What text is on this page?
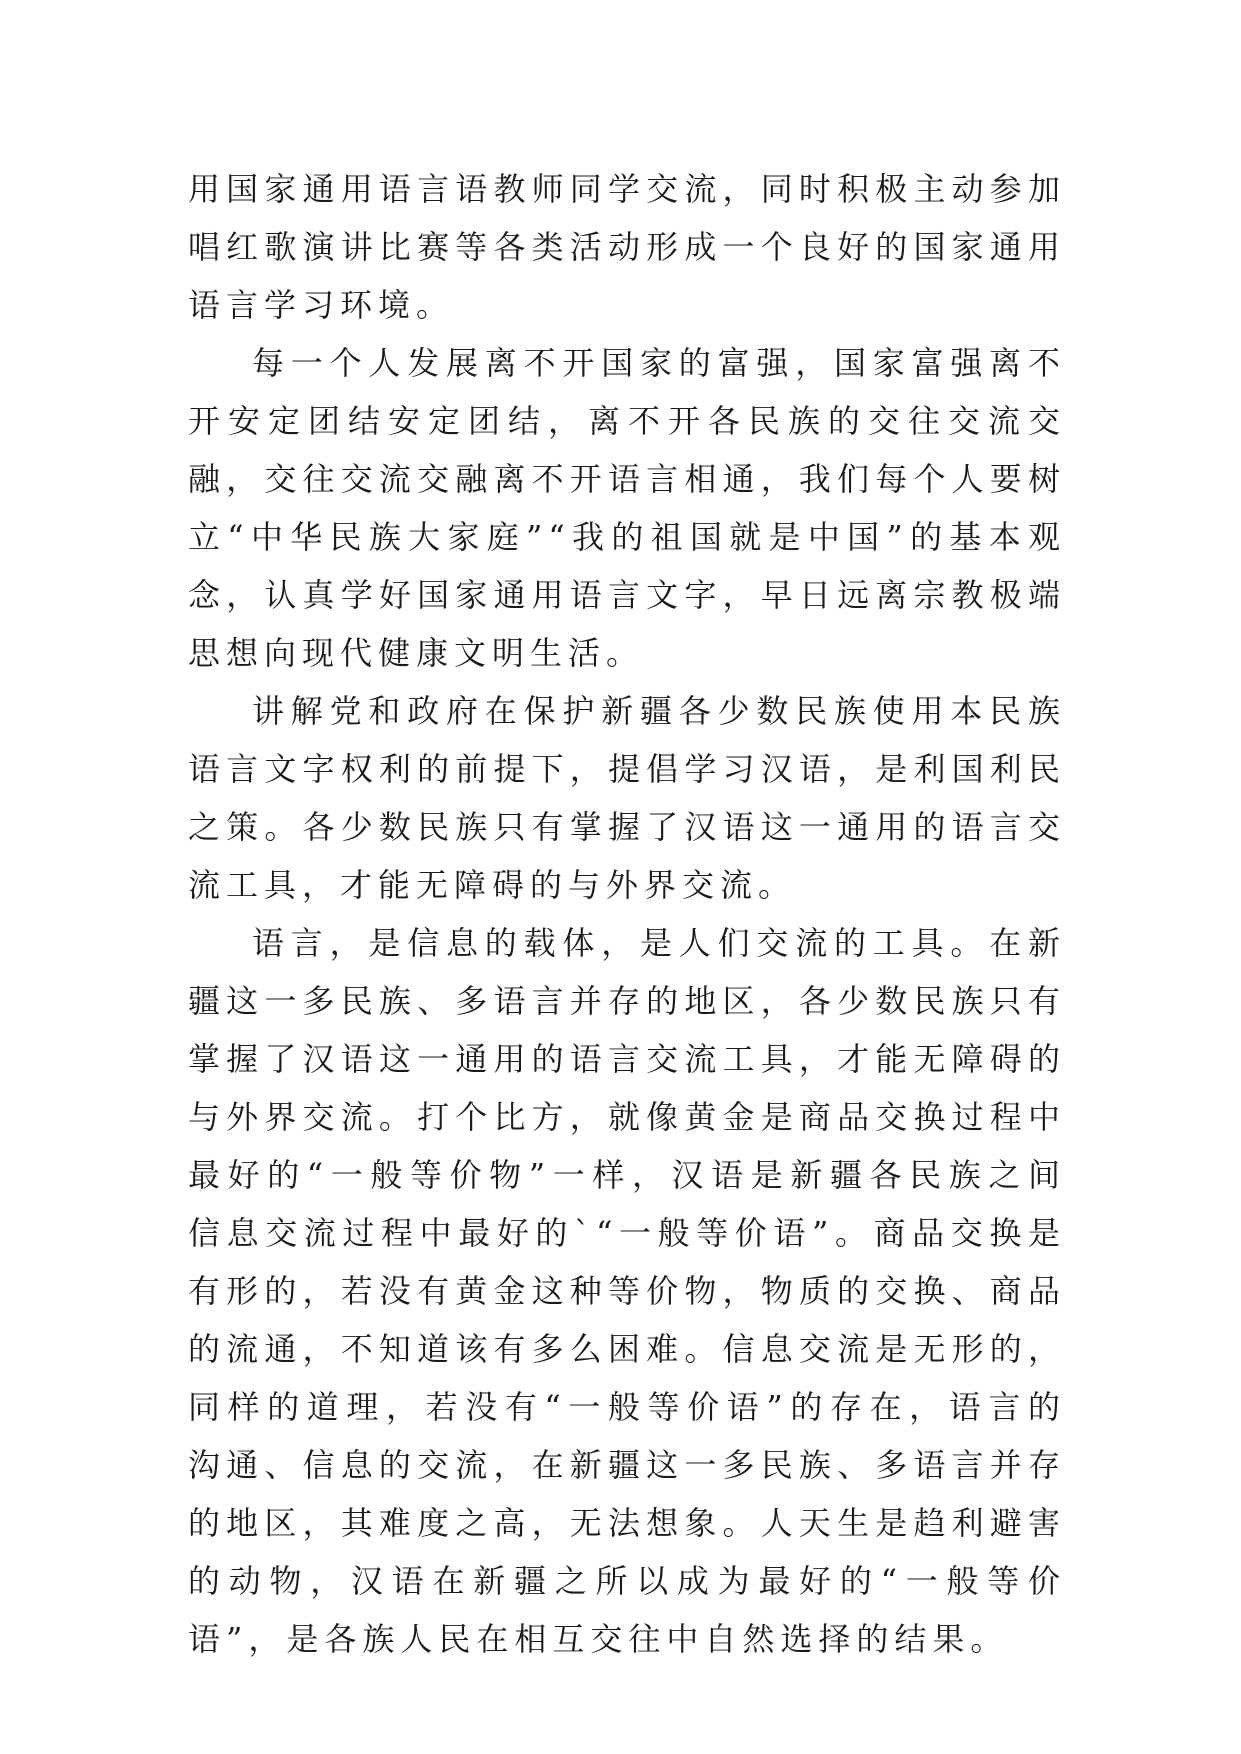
用国家通用语言语教师同学交流，同时积极主动参加唱红歌演讲比赛等各类活动形成一个良好的国家通用语言学习环境。

每一个人发展离不开国家的富强，国家富强离不开安定团结安定团结，离不开各民族的交往交流交融，交往交流交融离不开语言相通，我们每个人要树立“中华民族大家庭”“我的祖国就是中国”的基本观念，认真学好国家通用语言文字，早日远离宗教极端思想向现代健康文明生活。

讲解党和政府在保护新疆各少数民族使用本民族语言文字权利的前提下，提倡学习汉语，是利国利民之策。各少数民族只有掌握了汉语这一通用的语言交流工具，才能无障碍的与外界交流。

语言，是信息的载体，是人们交流的工具。在新疆这一多民族、多语言并存的地区，各少数民族只有掌握了汉语这一通用的语言交流工具，才能无障碍的与外界交流。打个比方，就像黄金是商品交换过程中最好的“一般等价物”一样，汉语是新疆各民族之间信息交流过程中最好的`“一般等价语”。商品交换是有形的，若没有黄金这种等价物，物质的交换、商品的流通，不知道该有多么困难。信息交流是无形的，同样的道理，若没有“一般等价语”的存在，语言的沟通、信息的交流，在新疆这一多民族、多语言并存的地区，其难度之高，无法想象。人天生是趋利避害的动物，汉语在新疆之所以成为最好的“一般等价语”，是各族人民在相互交往中自然选择的结果。
